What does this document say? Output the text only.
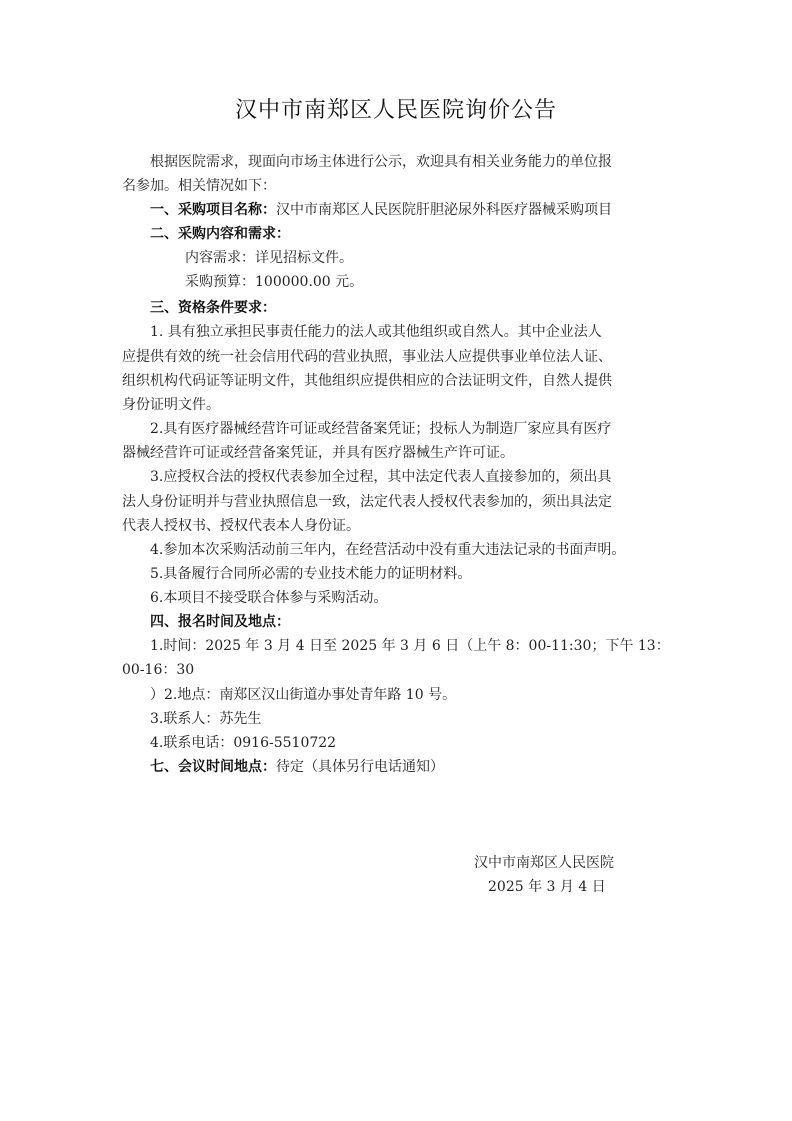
汉中市南郑区人民医院询价公告
根据医院需求，现面向市场主体进行公示，欢迎具有相关业务能力的单位报
名参加。相关情况如下：
一、采购项目名称：汉中市南郑区人民医院肝胆泌尿外科医疗器械采购项目
二、采购内容和需求：
内容需求：详见招标文件。
采购预算：100000.00 元。
三、资格条件要求：
1. 具有独立承担民事责任能力的法人或其他组织或自然人。其中企业法人
应提供有效的统一社会信用代码的营业执照，事业法人应提供事业单位法人证、
组织机构代码证等证明文件，其他组织应提供相应的合法证明文件，自然人提供
身份证明文件。
2.具有医疗器械经营许可证或经营备案凭证；投标人为制造厂家应具有医疗
器械经营许可证或经营备案凭证，并具有医疗器械生产许可证。
3.应授权合法的授权代表参加全过程，其中法定代表人直接参加的，须出具
法人身份证明并与营业执照信息一致，法定代表人授权代表参加的，须出具法定
代表人授权书、授权代表本人身份证。
4.参加本次采购活动前三年内，在经营活动中没有重大违法记录的书面声明。
5.具备履行合同所必需的专业技术能力的证明材料。
6.本项目不接受联合体参与采购活动。
四、报名时间及地点：
1.时间：2025 年 3 月 4 日至 2025 年 3 月 6 日（上午 8：00-11:30；下午 13：
00-16：30
）2.地点：南郑区汉山街道办事处青年路 10 号。
3.联系人：苏先生
4.联系电话：0916-5510722
七、会议时间地点：待定（具体另行电话通知）
汉中市南郑区人民医院
2025 年 3 月 4 日
